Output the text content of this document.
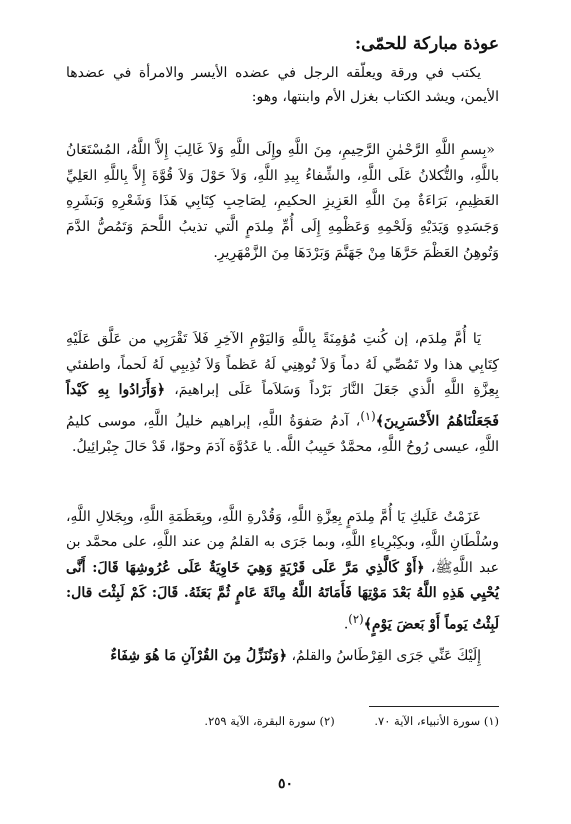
عوذة مباركة للحمّى:

يكتب في ورقة ويعلّقه الرجل في عضده الأيسر والامرأة في عضدها الأيمن، ويشد الكتاب بغزل الأم وابنتها، وهو:

«بِسمِ اللَّهِ الرَّحْمٰنِ الرَّحِيمِ، مِنَ اللَّهِ وإِلَى اللَّهِ وَلاَ غَالِبَ إِلاَّ اللَّهُ، المُسْتَعَانُ باللَّهِ، والتُّكلانُ عَلَى اللَّهِ، والشِّفاءُ بِيدِ اللَّهِ، وَلاَ حَوْلَ وَلاَ قُوَّةَ إِلاَّ بِاللَّهِ العَلِيِّ العَظِيمِ، بَرَاءَةٌ مِنَ اللَّهِ العَزِيزِ الحكيمِ، لِصَاحِبِ كِتَابِي هَذَا وَشَعْرِهِ وَبَشَرِهِ وَجَسَدِهِ وَيَدَيْهِ وَلَحْمِهِ وَعَظْمِهِ إِلَى أُمِّ مِلدَمٍ الَّتي تذيبُ اللَّحمَ وَتَمُصُّ الدَّمَ وَتُوهِنُ العَظْمَ حَرَّهَا مِنْ جَهَنَّمَ وَبَرْدَهَا مِنَ الزَّمْهَرِيرِ.

يَا أُمَّ مِلدَم، إن كُنتِ مُؤمِنَةً بِاللَّهِ وَاليَوْمِ الآخِرِ فَلاَ تَقْرَبِي من عَلَّق عَلَيْهِ كِتَابِي هذا ولا تَمُصِّي لَهُ دماً وَلاَ تُوهِنِي لَهُ عَظماً وَلاَ تُذِيبِي لَهُ لَحماً، واطفئي بِعِزَّةِ اللَّهِ الَّذي جَعَلَ النَّارَ بَرْداً وَسَلاَماً عَلَى إبراهيمَ، ﴿وَأَرَادُوا بِهِ كَيْداً فَجَعَلْنَاهُمُ الأَخْسَرِينَ﴾$^{(١)}$، آدمُ صَفوَةُ اللَّهِ، إبراهيم خليلُ اللَّهِ، موسى كليمُ اللَّهِ، عيسى رُوحُ اللَّهِ، محمَّدٌ حَبِيبُ اللَّه. يا عَدُوَّة آدَمَ وحوّا، قَدْ حَالَ جِبْرائِيلُ.

عَزَمْتُ عَلَيكِ يَا أُمَّ مِلدَمٍ بِعِزَّةِ اللَّهِ، وَقُدْرةِ اللَّهِ، وبِعَظَمَةِ اللَّهِ، وبِجَلالِ اللَّهِ، وسُلْطَانِ اللَّهِ، وبكِبْرِياءِ اللَّهِ، وبما جَرَى به القلمُ مِن عند اللَّهِ، على محمَّد بن عبد اللَّهِﷺ، ﴿أَوْ كَالَّذِي مَرَّ عَلَى قَرْيَةٍ وَهِيَ خَاوِيَةٌ عَلَى عُرُوشِهَا قَالَ: أَنَّى يُحْيِي هَذِهِ اللَّهُ بَعْدَ مَوْتِهَا فَأَمَاتَهُ اللَّهُ مِائَةَ عَامٍ ثُمَّ بَعَثَهُ. قَالَ: كَمْ لَبِثْتَ قال: لَبِثْتُ يَوماً أَوْ بَعضَ يَوْمٍ﴾$^{(٢)}$.

إِلَيْكَ عَنِّي جَرَى القِرْطَاسُ والقلمُ، ﴿وَنُنَزِّلُ مِنَ القُرْآنِ مَا هُوَ شِفَاءٌ

(١) سورة الأنبياء، الآية ٧٠. (٢) سورة البقرة، الآية ٢٥٩.
٥٠
